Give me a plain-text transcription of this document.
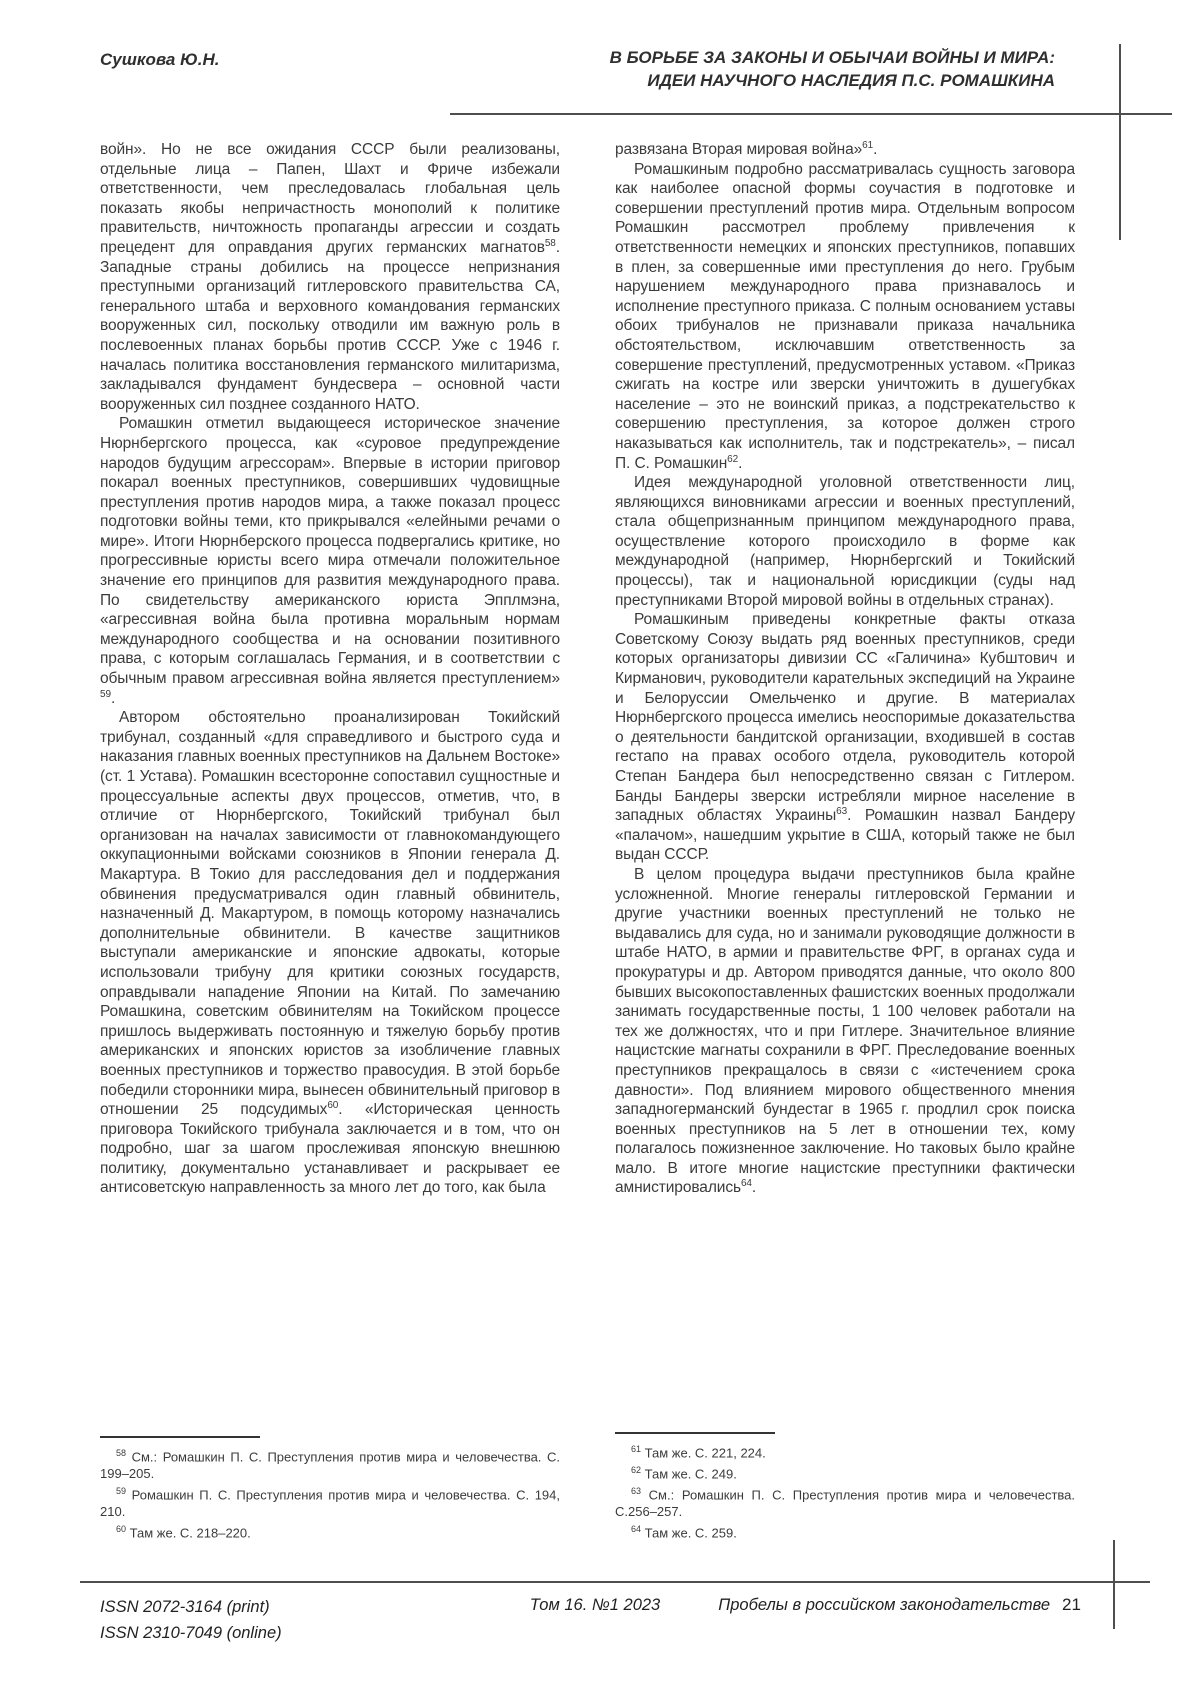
Сушкова Ю.Н.	В БОРЬБЕ ЗА ЗАКОНЫ И ОБЫЧАИ ВОЙНЫ И МИРА:
ИДЕИ НАУЧНОГО НАСЛЕДИЯ П.С. РОМАШКИНА

войн». Но не все ожидания СССР были реализованы, отдельные лица – Папен, Шахт и Фриче избежали ответственности, чем преследовалась глобальная цель показать якобы непричастность монополий к политике правительств, ничтожность пропаганды агрессии и создать прецедент для оправдания других германских магнатов$^{58}$. Западные страны добились на процессе непризнания преступными организаций гитлеровского правительства СА, генерального штаба и верховного командования германских вооруженных сил, поскольку отводили им важную роль в послевоенных планах борьбы против СССР. Уже с 1946 г. началась политика восстановления германского милитаризма, закладывался фундамент бундесвера – основной части вооруженных сил позднее созданного НАТО.

Ромашкин отметил выдающееся историческое значение Нюрнбергского процесса, как «суровое предупреждение народов будущим агрессорам». Впервые в истории приговор покарал военных преступников, совершивших чудовищные преступления против народов мира, а также показал процесс подготовки войны теми, кто прикрывался «елейными речами о мире». Итоги Нюрнберского процесса подвергались критике, но прогрессивные юристы всего мира отмечали положительное значение его принципов для развития международного права. По свидетельству американского юриста Эпплмэна, «агрессивная война была противна моральным нормам международного сообщества и на основании позитивного права, с которым соглашалась Германия, и в соответствии с обычным правом агрессивная война является преступлением» $^{59}$.

Автором обстоятельно проанализирован Токийский трибунал, созданный «для справедливого и быстрого суда и наказания главных военных преступников на Дальнем Востоке» (ст. 1 Устава). Ромашкин всесторонне сопоставил сущностные и процессуальные аспекты двух процессов, отметив, что, в отличие от Нюрнбергского, Токийский трибунал был организован на началах зависимости от главнокомандующего оккупационными войсками союзников в Японии генерала Д. Макартура. В Токио для расследования дел и поддержания обвинения предусматривался один главный обвинитель, назначенный Д. Макартуром, в помощь которому назначались дополнительные обвинители. В качестве защитников выступали американские и японские адвокаты, которые использовали трибуну для критики союзных государств, оправдывали нападение Японии на Китай. По замечанию Ромашкина, советским обвинителям на Токийском процессе пришлось выдерживать постоянную и тяжелую борьбу против американских и японских юристов за изобличение главных военных преступников и торжество правосудия. В этой борьбе победили сторонники мира, вынесен обвинительный приговор в отношении 25 подсудимых$^{60}$. «Историческая ценность приговора Токийского трибунала заключается и в том, что он подробно, шаг за шагом прослеживая японскую внешнюю политику, документально устанавливает и раскрывает ее антисоветскую направленность за много лет до того, как была

$^{58}$ См.: Ромашкин П. С. Преступления против мира и человечества. С. 199–205.

$^{59}$ Ромашкин П. С. Преступления против мира и человечества. С. 194, 210.

$^{60}$ Там же. С. 218–220.

развязана Вторая мировая война»$^{61}$.

Ромашкиным подробно рассматривалась сущность заговора как наиболее опасной формы соучастия в подготовке и совершении преступлений против мира. Отдельным вопросом Ромашкин рассмотрел проблему привлечения к ответственности немецких и японских преступников, попавших в плен, за совершенные ими преступления до него. Грубым нарушением международного права признавалось и исполнение преступного приказа. С полным основанием уставы обоих трибуналов не признавали приказа начальника обстоятельством, исключавшим ответственность за совершение преступлений, предусмотренных уставом. «Приказ сжигать на костре или зверски уничтожить в душегубках население – это не воинский приказ, а подстрекательство к совершению преступления, за которое должен строго наказываться как исполнитель, так и подстрекатель», – писал П. С. Ромашкин$^{62}$.

Идея международной уголовной ответственности лиц, являющихся виновниками агрессии и военных преступлений, стала общепризнанным принципом международного права, осуществление которого происходило в форме как международной (например, Нюрнбергский и Токийский процессы), так и национальной юрисдикции (суды над преступниками Второй мировой войны в отдельных странах).

Ромашкиным приведены конкретные факты отказа Советскому Союзу выдать ряд военных преступников, среди которых организаторы дивизии СС «Галичина» Кубштович и Кирманович, руководители карательных экспедиций на Украине и Белоруссии Омельченко и другие. В материалах Нюрнбергского процесса имелись неоспоримые доказательства о деятельности бандитской организации, входившей в состав гестапо на правах особого отдела, руководитель которой Степан Бандера был непосредственно связан с Гитлером. Банды Бандеры зверски истребляли мирное население в западных областях Украины$^{63}$. Ромашкин назвал Бандеру «палачом», нашедшим укрытие в США, который также не был выдан СССР.

В целом процедура выдачи преступников была крайне усложненной. Многие генералы гитлеровской Германии и другие участники военных преступлений не только не выдавались для суда, но и занимали руководящие должности в штабе НАТО, в армии и правительстве ФРГ, в органах суда и прокуратуры и др. Автором приводятся данные, что около 800 бывших высокопоставленных фашистских военных продолжали занимать государственные посты, 1 100 человек работали на тех же должностях, что и при Гитлере. Значительное влияние нацистские магнаты сохранили в ФРГ. Преследование военных преступников прекращалось в связи с «истечением срока давности». Под влиянием мирового общественного мнения западногерманский бундестаг в 1965 г. продлил срок поиска военных преступников на 5 лет в отношении тех, кому полагалось пожизненное заключение. Но таковых было крайне мало. В итоге многие нацистские преступники фактически амнистировались$^{64}$.

$^{61}$ Там же. С. 221, 224.

$^{62}$ Там же. С. 249.

$^{63}$ См.: Ромашкин П. С. Преступления против мира и человечества. С.256–257.

$^{64}$ Там же. С. 259.

ISSN 2072-3164 (print)
ISSN 2310-7049 (online)
Том 16. №1 2023	Пробелы в российском законодательстве 21
